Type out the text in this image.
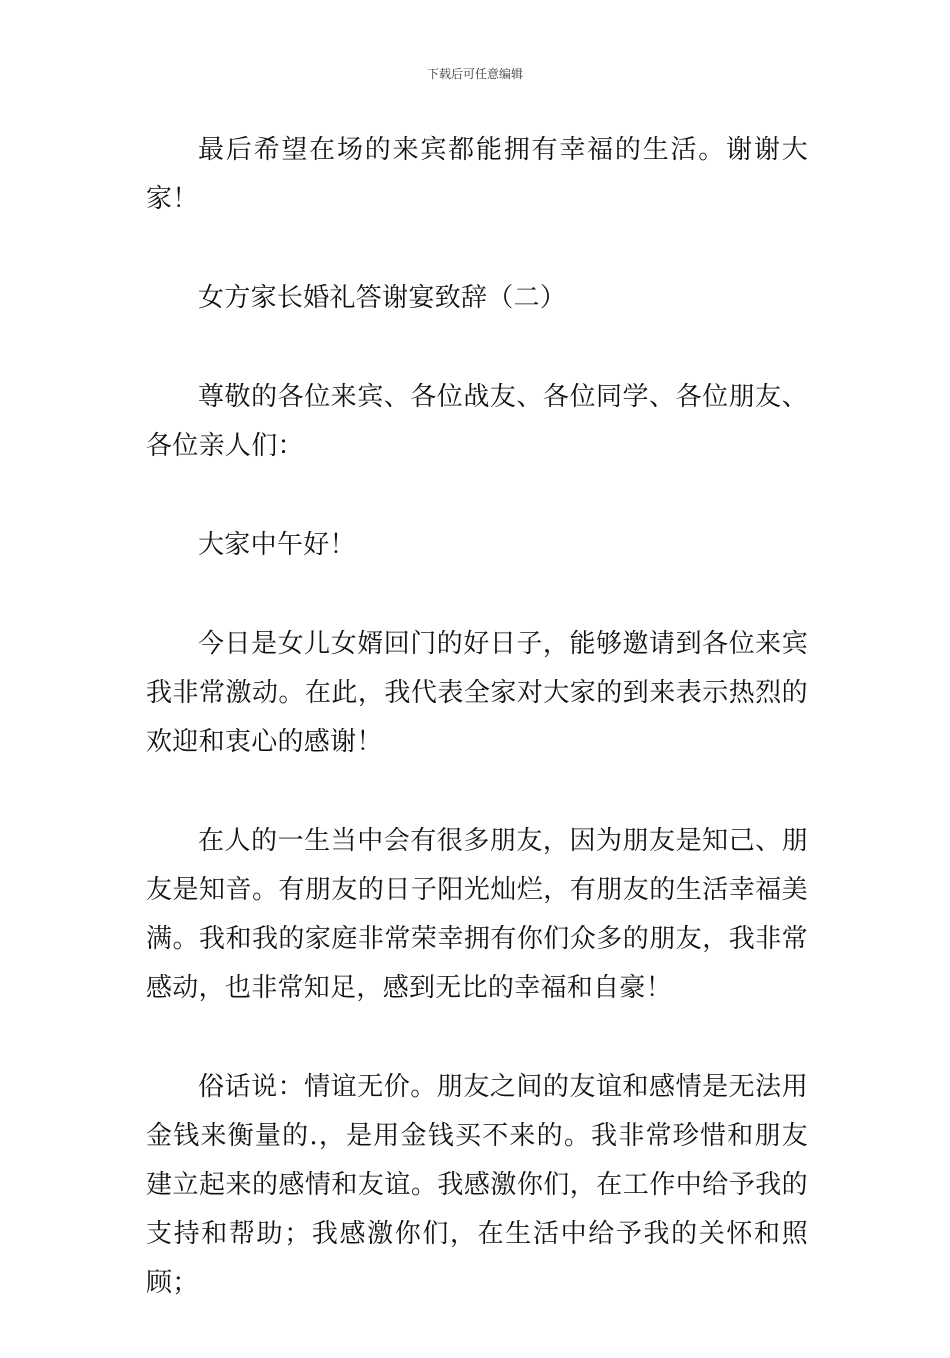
下载后可任意编辑

最后希望在场的来宾都能拥有幸福的生活。谢谢大家！

女方家长婚礼答谢宴致辞（二）

尊敬的各位来宾、各位战友、各位同学、各位朋友、各位亲人们：

大家中午好！

今日是女儿女婿回门的好日子，能够邀请到各位来宾我非常激动。在此，我代表全家对大家的到来表示热烈的欢迎和衷心的感谢！

在人的一生当中会有很多朋友，因为朋友是知己、朋友是知音。有朋友的日子阳光灿烂，有朋友的生活幸福美满。我和我的家庭非常荣幸拥有你们众多的朋友，我非常感动，也非常知足，感到无比的幸福和自豪！

俗话说：情谊无价。朋友之间的友谊和感情是无法用金钱来衡量的.，是用金钱买不来的。我非常珍惜和朋友建立起来的感情和友谊。我感激你们，在工作中给予我的支持和帮助；我感激你们，在生活中给予我的关怀和照顾；
